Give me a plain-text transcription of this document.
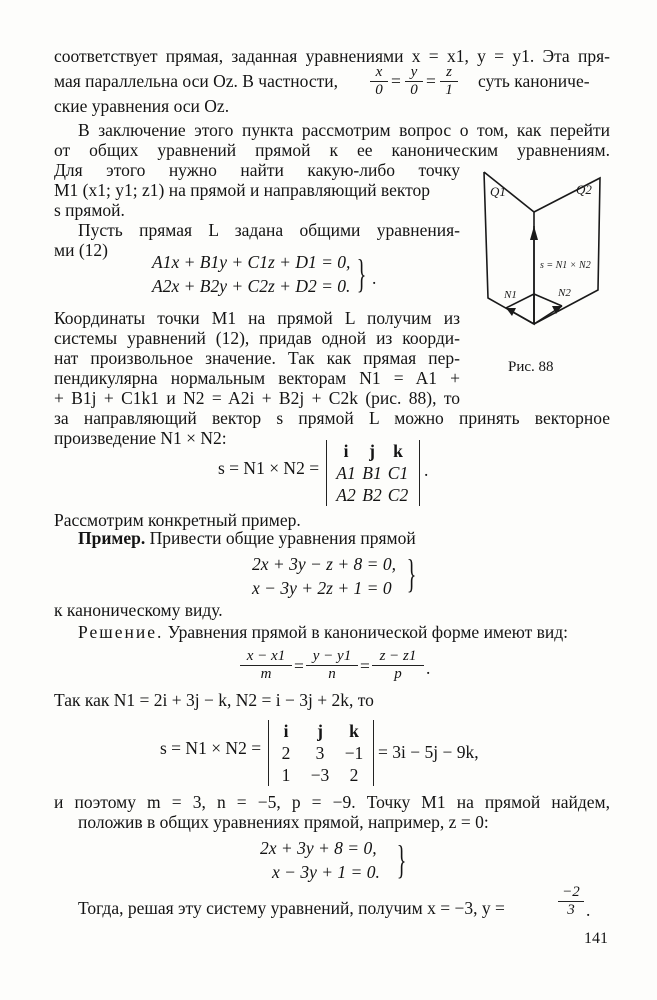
соответствует прямая, заданная уравнениями x = x1, y = y1. Эта пря-
мая параллельна оси Oz. В частности,	$\frac{x}{0} = \frac{y}{0} = \frac{z}{1}$ суть канониче-
ские уравнения оси Oz.
В заключение этого пункта рассмотрим вопрос о том, как перейти
от общих уравнений прямой к ее каноническим уравнениям.
Для этого нужно найти какую-либо точку
M1 (x1; y1; z1) на прямой и направляющий вектор
s прямой.
Пусть прямая L задана общими уравнения-
ми (12)
A1x + B1y + C1z + D1 = 0,
A2x + B2y + C2z + D2 = 0. } .
Координаты точки M1 на прямой L получим из
системы уравнений (12), придав одной из коорди-
нат произвольное значение. Так как прямая пер-
пендикулярна нормальным векторам N1 = A1 +
+ B1j + C1k1 и N2 = A2i + B2j + C2k (рис. 88), то
за направляющий вектор s прямой L можно принять векторное
произведение N1 × N2:
s = N1 × N2 =
i	j	k
A1 B1 C1
A2 B2 C2
.
Рассмотрим конкретный пример.
Пример. Привести общие уравнения прямой
2x + 3y − z + 8 = 0,
x − 3y + 2z + 1 = 0 }
к каноническому виду.
Решение. Уравнения прямой в канонической форме имеют вид:
$\frac{x - x1}{m} = \frac{y - y1}{n} = \frac{z - z1}{p}$ .
Так как N1 = 2i + 3j − k, N2 = i − 3j + 2k, то
s = N1 × N2 =
i	j	k
2	3	−1
1	−3	2
= 3i − 5j − 9k,
и поэтому m = 3, n = −5, p = −9. Точку M1 на прямой найдем,
положив в общих уравнениях прямой, например, z = 0:
2x + 3y + 8 = 0,
x − 3y + 1 = 0. }
Тогда, решая эту систему уравнений, получим x = −3, y =	$\frac{-2}{3}$ .
Q1	Q2
s = N1 × N2
N1	N2
Рис. 88
141
